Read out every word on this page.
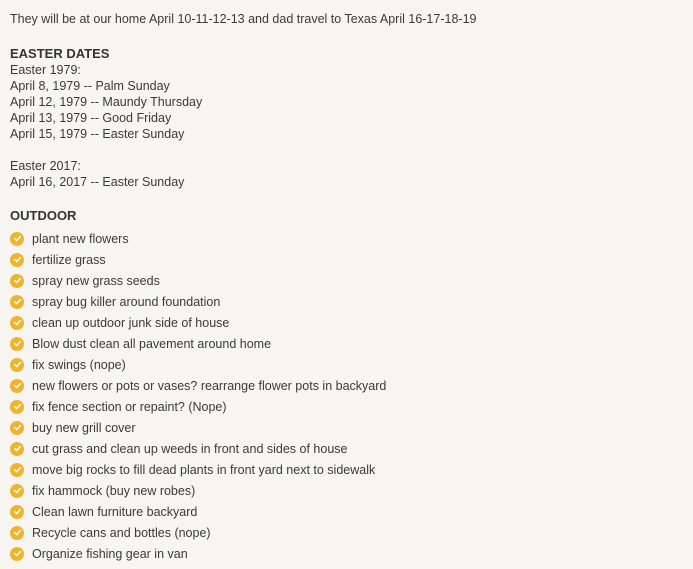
They will be at our home April 10-11-12-13 and dad travel to Texas April 16-17-18-19
EASTER DATES
Easter 1979:
April 8, 1979 -- Palm Sunday
April 12, 1979 -- Maundy Thursday
April 13, 1979 -- Good Friday
April 15, 1979 -- Easter Sunday
Easter 2017:
April 16, 2017 -- Easter Sunday
OUTDOOR
plant new flowers
fertilize grass
spray new grass seeds
spray bug killer around foundation
clean up outdoor junk side of house
Blow dust clean all pavement around home
fix swings (nope)
new flowers or pots or vases? rearrange flower pots in backyard
fix fence section or repaint? (Nope)
buy new grill cover
cut grass and clean up weeds in front and sides of house
move big rocks to fill dead plants in front yard next to sidewalk
fix hammock (buy new robes)
Clean lawn furniture backyard
Recycle cans and bottles (nope)
Organize fishing gear in van
